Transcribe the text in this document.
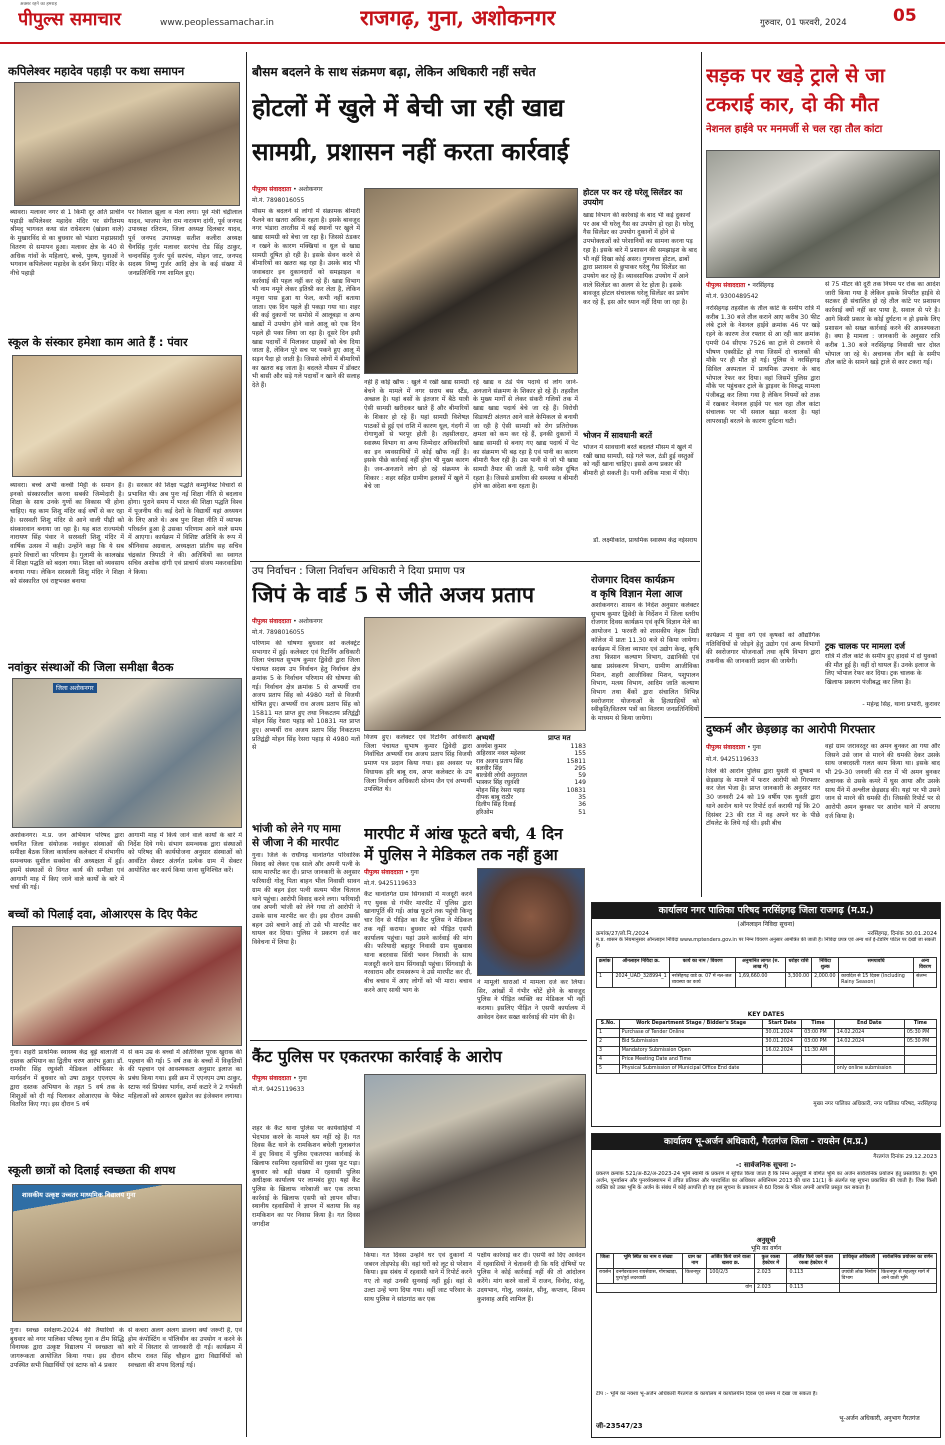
पीपुल्स समाचार
अक्सर रहने का हमराह
www.peoplessamachar.in	राजगढ़, गुना, अशोकनगर	गुरुवार, 01 फरवरी, 2024	05
कपिलेश्वर महादेव पहाड़ी पर कथा समापन
ब्यावरा। मलावर नगर से 1 किमी दूर अति प्राचीन पहाड़ी कपिलेश्वर महादेव मंदिर पर संगीतमय श्रीमद् भागवत कथा संत राधेशरण (खंडवा वाले) के मुखारविंद से का बुधवार को भंडारा महाप्रसादी वितरण से समापन हुआ। मलावर क्षेत्र के 40 से अधिक गांवों के महिलाएं, बच्चे, पुरुष, युवाओं ने भगवान कपिलेश्वर महादेव के दर्शन किए। मंदिर के नीचे पहाड़ी
पर विशाल झूला व मेला लगा। पूर्व मंत्री चंद्रीलाल यादव, भाजपा नेता राम नारायण दांगी, पूर्व जनपद उपाध्यक्ष रतिराम, जिला अध्यक्ष दिलबार यादव, पूर्व जनपद उपाध्यक्ष सतीश कलीरा अध्यक्ष चैनसिंह गुर्जर मलावर सरपंच रोड सिंह ठाकुर, चन्दनसिंह गुर्जर पूर्व सरपंच, मोहन जाट, जनपद सदस्य विष्णु गुर्जर आदि क्षेत्र के कई संख्या में जनप्रतिनिधि गण शामिल हुए।
स्कूल के संस्कार हमेशा काम आते हैं : पंवार
ब्यावरा। बच्चे अभी कच्ची मिट्टी के समान हैं। इनको संस्कारशील करना सबकी जिम्मेदारी है। शिक्षा के साथ उनके गुणों का विकास भी होना चाहिए। यह काम शिशु मंदिर कई वर्षों से कर रहा है। सरस्वती शिशु मंदिर से आने वाली पीढ़ी को संस्कारवान बनाया जा रहा है। यह बात राज्यमंत्री नारायण सिंह पंवार ने सरस्वती शिशु मंदिर में वार्षिक उत्सव में कही। उन्होंने कहा कि ये सब हमारे विचारों का परिणाम है। गुलामी के कालखंड में शिक्षा पद्धति को बदला गया। शिक्षा को व्यवसाय बनाया गया। लेकिन सरस्वती शिशु मंदिर ने शिक्षा को संस्कारित एवं राष्ट्रभक्त बनाया
है। सरकार की शिक्षा पद्धति कम्युनिस्ट विचारों से प्रभावित थी। अब पुनः नई शिक्षा नीति से बदलाव होगा। पुराने समय में भारत की शिक्षा पद्धति विश्व में पूजनीय थी। कई देशों के विद्यार्थी यहां अध्ययन के लिए आते थे। अब पुनः शिक्षा नीति में व्यापक परिवर्तन हुआ है उसका परिणाम आने वाले समय में आएगा। कार्यक्रम में विशिष्ट अतिथि के रूप में श्रीनिवास अग्रवाल, अध्यक्षता प्रांतीय सह सचिव चंद्रकांत त्रिपाठी ने की। अतिथियों का स्वागत सचिव अशोक दांगी एवं प्राचार्य संजय मकरवाडिया ने किया।
नवांकुर संस्थाओं की जिला समीक्षा बैठक
जिला अशोकनगर
अशोकनगर। म.प्र. जन अभियान परिषद द्वारा चयनित जिला संयोजक नवांकुर संस्थाओं की समीक्षा बैठक जिला कार्यालय कलेक्टर में संभागीय समन्वयक सुशील सक्सेना की अध्यक्षता में हुई। इसमें संस्थाओं से विगत कार्य की समीक्षा एवं आगामी माह में किए जाने वाले कार्यों के बारे में चर्चा की गई।
आगामी माह में किये जाने वाले कार्यों के बारे में निर्देश दिये गये। संभाग समन्वयक द्वारा संस्थाओं को परिषद की कार्ययोजना अनुसार संस्थाओं को आवंटित सेक्टर अंतर्गत प्रत्येक ग्राम में सेक्टर आयोजित कर कार्य किया जाना सुनिश्चित करें।
बच्चों को पिलाई दवा, ओआरएस के दिए पैकेट
गुना। शहरी प्राथमिक स्वास्थ्य केंद्र बूढ़े बालाजी में दस्तक अभियान का द्वितीय चरण आरंभ हुआ। डॉ. रामवीर सिंह रघुवंशी मेडिकल ऑफिसर के मार्गदर्शन में बुधवार को उषा ठाकुर एएनएम के द्वारा दस्तक अभियान के तहत 5 वर्ष तक के शिशुओं को दी गई पिलाकर ओआरएस के पैकेट वितरित किए गए। इस दौरान 5 वर्ष
से कम उम्र के बच्चों में अतिरिक्त पूरक खुराक की पहचान की गई। 5 वर्ष तक के बच्चों में विकृतियों की पहचान एवं आवश्यकता अनुसार इलाज का प्रबंध किया गया। इसी क्रम में एएनएम उषा ठाकुर, स्टाफ नर्स प्रियंका भार्गव, शर्मा कटारे ने 2 गर्भवती महिलाओं को आयरन सुक्रोज का इंजेक्शन लगाया।
स्कूली छात्रों को दिलाई स्वच्छता की शपथ
शासकीय उत्कृष्ट उच्चतर माध्यमिक विद्यालय गुना
गुना। स्वच्छ सर्वेक्षण-2024 की तैयारियों के बुधवार को नगर पालिका परिषद गुना व टीम सिद्धि विनायक द्वारा उत्कृष्ट विद्यालय में स्वच्छता को जागरूकता आयोजित किया गया। इस दौरान उपस्थित सभी विद्यार्थियों एवं स्टाफ को 4 प्रकार
से कचरा अलग अलग डालना क्यों जरूरी है, एवं होम कंपोस्टिंग व पॉलिथीन का उपयोग न करने के बारे में विस्तार से जानकारी दी गई। कार्यक्रम में सौरभ रावत सिंह चौहान द्वारा विद्यार्थियों को स्वच्छता की शपथ दिलाई गई।
बौसम बदलने के साथ संक्रमण बढ़ा, लेकिन अधिकारी नहीं सचेत
होटलों में खुले में बेची जा रही खाद्य
सामग्री, प्रशासन नहीं करता कार्रवाई
पीपुल्स संवाददाता • अशोकनगर
मो.नं. 7898016055
मौसम के बदलने से लोगों में संक्रामक बीमारी फैलने का खतरा अधिक रहता है। इसके बावजूद नगर भंडारा तारतीस में कई स्थानों पर खुले में खाद्य सामग्री को बेचा जा रहा है। जिससे ठंडकर न रखने के कारण मक्खियां व धूल से खाद्य सामग्री दूषित हो रही है। इसके सेवन करने से बीमारियों का खतरा बढ़ रहा है। उसके बाद भी जवाबदार इन दुकानदारों को समझाइश व कार्रवाई की पहल नहीं कर रहे हैं। खाद्य विभाग भी नाम नमूने लेकर इतिश्री कर लेता है, लेकिन नमूना पास हुआ या फेल, कभी नहीं बताया जाता। एक दिन पहले ही पकड़ा गया था। शहर की कई दुकानों पर समोसे में आलूबड़ा व अन्य खाद्यों में उपयोग होने वाले आलू को एक दिन पहले ही पका लिया जा रहा है। दूसरे दिन इसी खाद्य पदार्थों में मिलाकर ग्राहकों को बेच दिया जाता है, लेकिन पूरे सच पर पकने हुए आलू में सड़न पैदा हो जाती है। जिससे लोगों में बीमारियों का खतरा बढ़ जाता है। बदलते मौसम में डॉक्टर भी बासी और सड़े गले पदार्थों न खाने की सलाह देते हैं।	नहीं है कोई खौफ : खुले में रखी खाद्य सामग्री बेचने के मामले में नगर सराय बस स्टैंड, अच्छल है। यहां बसों के इंतजार में बैठे यात्री ऐसी सामग्री खरीदकर खाते हैं और बीमारियों के शिकार हो रहे हैं। यहां सामग्री विशेषज्ञ पाठकों से हुई एवं राशि में कारण धूल, गंदगी में रोगाणुओं से भरपूर होती है। तहसीलदार, स्वास्थ्य विभाग या अन्य जिम्मेदार अधिकारियों का इन व्यवसायियों में कोई खौफ नहीं है। इसके पीछे कार्रवाई नहीं होना भी मुख्य कारण है। जन-अनजाने लोग हो रहे संक्रमण के शिकार : शहर सहित ग्रामीण इलाकों में खुले में बेचे जा
रहे खाद्य व ठंडे पेय पदार्थ से लोग जाने-अनजाने संक्रमण के शिकार हो रहे हैं। तहसील के मुख्य मार्गों से लेकर संकरी गलियों तक में खाद्य खाद्य पदार्थ बेचे जा रहे हैं। विरोधी सिडायटी अंतगत आने वाले केमिकल से बनायी जा रही है ऐसी सामग्री को रोग प्रतिरोधक क्षमता को कम कर रहे हैं, इनकी दुकानों में खाद्य सामग्री से बनाए गए खाद्य पदार्थ में पेट का संक्रमण भी बढ़ रहा है एवं पानी का कारण बीमारी फैल रही है। उस पानी से जो भी खाद्य सामग्री तैयार की जाती है, पानी सदैव दूषित रहता है। जिससे डायरिया की समस्या व बीमारी होने का अंदेशा बना रहता है।
होटल पर कर रहे घरेलू सिलेंडर का उपयोग
खाद्य विभाग की कार्रवाई के बाद भी कई दुकानों पर अब भी घरेलू गैस का उपयोग हो रहा है। घरेलू गैस सिलेंडर का उपयोग दुकानों में होने से उपभोक्ताओं को परेशानियों का सामना करना पड़ रहा है। इसके बारे में प्रशासन की समझाइश के बाद भी नहीं दिखा कोई असर। गुणवत्ता होटल, ढाबों द्वारा प्रशासन से छुपाकर घरेलू गैस सिलेंडर का उपयोग कर रहे हैं। व्यावसायिक उपयोग में आने वाले सिलेंडर का अलग से रेट होता है। इसके बावजूद होटल संचालक घरेलू सिलेंडर का प्रयोग कर रहे हैं, इस ओर ध्यान नहीं दिया जा रहा है।
भोजन में सावधानी बरतें
भोजन में सावधानी बरतें बदलते मौसम में खुले में रखी खाद्य सामग्री, सड़े गले फल, ठंडी हुई वस्तुओं को नहीं खाना चाहिए। इससे अन्य प्रकार की बीमारी हो सकती है। पानी अधिक मात्रा में पीएं।
डॉ. लक्ष्मीकांत, प्राथमिक स्वास्थ्य केंद्र नईसराय
उप निर्वाचन : जिला निर्वाचन अधिकारी ने दिया प्रमाण पत्र
जिपं के वार्ड 5 से जीते अजय प्रताप
पीपुल्स संवाददाता • अशोकनगर
मो.नं. 7898016055
परिणाम की घोषणा बुधवार को कलेक्ट्रेट सभागार में हुई। कलेक्टर एवं रिटर्निंग अधिकारी जिला पंचायत सुभाष कुमार द्विवेदी द्वारा जिला पंचायत सदस्य उप निर्वाचन हेतु निर्वाचन क्षेत्र क्रमांक 5 के निर्वाचन परिणाम की घोषणा की गई। निर्वाचन क्षेत्र क्रमांक 5 से अभ्यर्थी राव अजय प्रताप सिंह को 4980 मतों से विजयी घोषित हुए। अभ्यर्थी राव अजय प्रताप सिंह को 15811 मत प्राप्त हुए तथा निकटतम प्रतिद्वंद्वी मोहन सिंह रेसरा पहाड़ को 10831 मत प्राप्त हुए। अभ्यर्थी राव अजय प्रताप सिंह निकटतम प्रतिद्वंद्वी मोहन सिंह रेसरा पहाड़ से 4980 मतों से
विजय हुए। कलेक्टर एवं रिटर्निंग अधिकारी जिला पंचायत सुभाष कुमार द्विवेदी द्वारा निर्वाचित अभ्यर्थी राव अजय प्रताप सिंह विजयी प्रमाण पत्र प्रदान किया गया। इस अवसर पर विधायक हरि बाबू राय, अपर कलेक्टर के उप जिला निर्वाचन अधिकारी सोनम जैन एवं अभ्यर्थी उपस्थित थे।
अभ्यर्थी	प्राप्त मत
अवधेश कुमार	1183
अहिरवार नवल महेश्वर	155
राव अजय प्रताप सिंह	15811
बलवीर सिंह	295
बाल्डेवी लोधी अनुरातल	59
भास्कर सिंह रघुवंशी	149
मोहन सिंह रेसरा पहाड़	10831
दीपक बाबू राठौर	35
दिलीप सिंह दिवाई	36
हरिओम	51
भांजी को लेने गए मामा
से जीजा ने की मारपीट
गुना। जिले के राघौगढ़ थानांतर्गत परिवारिक विवाद को लेकर एक साले और अपनी पत्नी के साथ मारपीट कर दी। प्राप्त जानकारी के अनुसार फरियादी गोलू पिता बाहन भील निवासी सावन ग्राम की बहन इंदर पत्नी सत्यम भील चितरल थाने पहुंचा। आरोपी विवाद करने लगा। फरियादी जब अपनी भांजी को लेने गया तो आरोपी ने उसके साथ मारपीट कर दी। इस दौरान उसकी बहन उसे बचाने आई तो उसे भी मारपीट कर घायल कर दिया। पुलिस ने प्रकरण दर्ज कर विवेचना में लिया है।
मारपीट में आंख फूटते बची, 4 दिन
में पुलिस ने मेडिकल तक नहीं हुआ
पीपुल्स संवाददाता • गुना
मो.नं. 9425119633
कैंट थानांतर्गत ग्राम सिंगवासी में मजदूरी करने गए युवक से गंभीर मारपीट में पुलिस द्वारा खानापूर्ति की गई। आंख फूटने तक पहुंची किन्तु चार दिन से पीड़ित का कैंट पुलिस ने मेडिकल तक नहीं कराया। बुधवार को पीड़ित एसपी कार्यालय पहुंचा। यहां उसने कार्रवाई की मांग की। फरियादी बहादुर निवासी ग्राम सुखवास थाना बदरवास सिंधी भवन निवासी के साथ मजदूरी करने ग्राम सिंगवाड़ी पहुंचा। सिंगवाड़ी के नरवाराम और रामस्वरूप ने उसे मारपीट कर दी, बीच बचाव में आए लोगों को भी मारा। बचाव करने आए साथी भाग के
ने मामूली धाराओं में मामला दर्ज कर लिया। सिर, आंखों में गंभीर चोटें होने के बावजूद पुलिस ने पीड़ित व्यक्ति का मेडिकल भी नहीं कराया। इसलिए पीड़ित ने एसपी कार्यालय में आवेदन देकर सख्त कार्रवाई की मांग की है।
कैंट पुलिस पर एकतरफा कार्रवाई के आरोप
पीपुल्स संवाददाता • गुना
मो.नं. 9425119633
शहर के कैंट थाना पुलिस पर कार्यवाहियों में भेदभाव करने के मामले थम नहीं रहे हैं। गत दिवस कैंट थाने के रामकिशन बघेली गुलाबगंज में हुए विवाद में पुलिस एकतरफा कार्रवाई के खिलाफ रसमिया रहवासियों का गुस्सा फूट पड़ा। बुधवार को बड़ी संख्या में रहवासी पुलिस अधीक्षक कार्यालय पर लामबंद हुए। यहां कैंट पुलिस के खिलाफ नारेबाजी कर एक तरफा कार्रवाई के खिलाफ एसपी को ज्ञापन सौंपा। स्थानीय रहवासियों ने ज्ञापन में बताया कि वह रामकिशन का पर निवास किया है। गत दिवस जगदीश
किया। गत दिवस उन्होंने घर एवं दुकानों में जबरन तोड़फोड़ की। वहां घरों को लूट से परेशान किया। इस संबंध में रहवासी थाने में रिपोर्ट करने गए तो वहां उनकी सुनवाई नहीं हुई। वहां से उल्टा उन्हें भगा दिया गया। वहीं जाट परिवार के साथ पुलिस ने सांठगांठ कर एक
पक्षीय कार्रवाई कर दी। एसपी को दिए आवेदन में रहवासियों ने चेतावनी दी कि यदि दोषियों पर पुलिस ने कोई कार्रवाई नहीं की तो आंदोलन करेंगे। मांग करने वालों में राजन, विनोद, संजू, उदयभान, गोलू, जसवंत, सीनू, कप्तान, शिवम कुशवाह आदि शामिल हैं।
सड़क पर खड़े ट्राले से जा
टकराई कार, दो की मौत
नेशनल हाईवे पर मनमर्जी से चल रहा तौल कांटा
पीपुल्स संवाददाता • नरसिंहगढ़
मो.नं. 9300489542
नरसिंहगढ़ तहसील के तौल कांटे के समीप रात्रि में करीब 1.30 बजे तौल कराने आए करीब 30 फीट लंबे ट्राले के नेशनल हाईवे क्रमांक 46 पर खड़े रहने के कारण तेज रफ्तार से आ रही कार क्रमांक एमपी 04 सीएफ 7526 का ट्राले से टकराने से भीषण एक्सीडेंट हो गया जिसमें दो चालकों की मौके पर ही मौत हो गई। पुलिस ने नरसिंहगढ़ सिविल अस्पताल में प्राथमिक उपचार के बाद भोपाल रेफर कर दिया। वहां जिसमें पुलिस द्वारा मौके पर पहुंचकर ट्राले के ड्राइवर के विरुद्ध मामला पंजीबद्ध कर लिया गया है लेकिन नियमों को ताक में रखकर नेशनल हाईवे पर चल रहा तौल कांटा संचालक पर भी सवाल खड़ा करता है। यहां लापरवाही बरतने के कारण दुर्घटना घटी।
से 75 मीटर की दूरी तक नियम पर रोक का आदेश जारी किया गया है लेकिन इसके विपरीत हाईवे से सटकर ही संचालित हो रहे तौल कांटे पर प्रशासन कार्रवाई क्यों नहीं कर पाया है, सवाल से परे है। आगे किसी प्रकार के कोई दुर्घटना न हो इसके लिए प्रशासन को सख्त कार्रवाई करने की आवश्यकता है। क्या है मामला : जानकारी के अनुसार रात्रि करीब 1.30 बजे नरसिंहगढ़ निवासी चार दोस्त भोपाल जा रहे थे। अचानक तीन बड़ी के समीप तौल कांटे के सामने खड़े ट्राले से कार टकरा गई।
ट्रक चालक पर मामला दर्ज
रात्रि में तौल कांटे के समीप हुए हादसे में दो युवकों की मौत हुई है। वहीं दो घायल हैं। उनके इलाज के लिए भोपाल रेफर कर दिया। ट्रक चालक के खिलाफ प्रकरण पंजीबद्ध कर लिया है।
- महेन्द्र सिंह, थाना प्रभारी, कुरावर
रोजगार दिवस कार्यक्रम
व कृषि विज्ञान मेला आज
अशोकनगर। शासन के निर्देश अनुसार कलेक्टर सुभाष कुमार द्विवेदी के निर्देशन में जिला स्तरीय रोजगार दिवस कार्यक्रम एवं कृषि विज्ञान मेले का आयोजन 1 फरवरी को शासकीय नेहरू डिग्री कॉलेज में प्रातः 11.30 बजे से किया जायेगा। कार्यक्रम में जिला व्यापार एवं उद्योग केन्द्र, कृषि तथा किसान कल्याण विभाग, उद्यानिकी एवं खाद्य प्रसंस्करण विभाग, ग्रामीण आजीविका मिशन, शहरी आजीविका मिशन, पशुपालन विभाग, मत्स्य विभाग, आदिम जाति कल्याण विभाग तथा बैंकों द्वारा संचालित विभिन्न स्वरोजगार योजनाओं के हितग्राहियों को स्वीकृति/वितरण पत्रों का वितरण जनप्रतिनिधियों के माध्यम से किया जायेगा।
कार्यक्रम में युवा वर्ग एवं कृषकों को औद्योगिक गतिविधियों से जोड़ने हेतु उद्योग एवं अन्य विभागों की स्वरोजगार योजनाओं तथा कृषि विभाग द्वारा तकनीक की जानकारी प्रदान की जायेगी।
दुष्कर्म और छेड़छाड़ का आरोपी गिरफ्तार
पीपुल्स संवाददाता • गुना
मो.नं. 9425119633
जिले की आरोन पुलिस द्वारा युवती से दुष्कर्म व छेड़छाड़ के मामले में फरार आरोपी को गिरफ्तार कर जेल भेजा है। प्राप्त जानकारी के अनुसार गत 30 जनवरी 24 को 19 वर्षीय एक युवती द्वारा थाने आरोन थाने पर रिपोर्ट दर्ज करायी गई कि 20 दिसंबर 23 की रात में वह अपने घर के पीछे टॉयलेट के लिये गई थी। इसी बीच
वहां ग्राम जरावरतूर का अमन बुनकर आ गया और जिसने उसे जान से मारने की धमकी देकर उसके साथ जबरदस्ती गलत काम किया था। इसके बाद भी 29-30 जनवरी की रात में भी अमन बुनकर अचानक से उसके कमरे में घुस आया और उसके साथ मैंने में अश्लील छेड़छाड़ की। यहां पर भी उसने जान से मारने की धमकी दी। जिसकी रिपोर्ट पर से आरोपी अमन बुनकर पर आरोन थाने में अपराध दर्ज किया है।
कार्यालय नगर पालिका परिषद नरसिंहगढ़ जिला राजगढ़ (म.प्र.)
(ऑनलाइन निविदा सूचना)
क्रमांक/27/लो.नि./2024	नरसिंहगढ़, दिनांक 30.01.2024
म.प्र. शासन के नियमानुसार ऑनलाइन निविदा www.mptenders.gov.in पर निम्न विवरण अनुसार आमंत्रित की जाती है। निविदा प्रपत्र एवं अन्य शर्तें ई-टेंडरिंग पोर्टल पर देखी जा सकती हैं।
क्रमांक	ऑनलाइन निविदा क्र.	कार्य का नाम / विवरण	अनुमानित लागत (रु. लाख में)	धरोहर राशि	निविदा शुल्क	समयावधि	अन्य विवरण
1	2024_UAD_328994_1	नरसिंहगढ़ वार्ड क्र. 07 में नल-जल व्यवस्था का कार्य	1,69,660.00	3,300.00	2,000.00	कार्यादेश से 15 दिवस (Including Rainy Season)	संलग्न
KEY DATES
S.No.	Work Department Stage / Bidder's Stage	Start Date	Time	End Date	Time
1	Purchase of Tender Online	30.01.2024	03:00 PM	14.02.2024	05:30 PM
2	Bid Submission	30.01.2024	03:00 PM	14.02.2024	05:30 PM
3	Mandatory Submission Open	16.02.2024	11:30 AM		
4	Price Meeting Date and Time				
5	Physical Submission of Municipal Office End date			only online submission	
मुख्य नगर पालिका अधिकारी, नगर पालिका परिषद, नरसिंहगढ़
कार्यालय भू-अर्जन अधिकारी, गैरतगंज जिला - रायसेन (म.प्र.)
गैरतगंज दिनांक 29.12.2023
-: सार्वजनिक सूचना :-
प्रकरण क्रमांक 521/अ-82/अ-2023-24 भूमि स्वामी के प्रकरण में सूचित किया जाता है कि निम्न अनुसूची में वर्णित भूमि का अर्जन सार्वजनिक प्रयोजन हेतु प्रस्तावित है। भूमि अर्जन, पुनर्वासन और पुनर्व्यवस्थापन में उचित प्रतिकर और पारदर्शिता का अधिकार अधिनियम 2013 की धारा 11(1) के अंतर्गत यह सूचना प्रकाशित की जाती है। जिस किसी व्यक्ति को उक्त भूमि के अर्जन के संबंध में कोई आपत्ति हो वह इस सूचना के प्रकाशन से 60 दिवस के भीतर अपनी आपत्ति प्रस्तुत कर सकता है।
अनुसूची
भूमि का वर्णन
जिला	भूमि स्थित का नाम व संख्या	ग्राम का नाम	अर्जित किये जाने वाला खसरा क्र.	कुल रकबा हेक्टेयर में	अर्जित किये जाने वाला रकबा हेक्टेयर में	प्राधिकृत अधिकारी	सार्वजनिक प्रयोजन का वर्णन
रायसेन	वनगेवरवतना रायसेवास, गोगाखाड़ा, पुरा/पूर्व लदरवाडी	किशनपुर	100/2/3	2.023	0.113	उपयंत्री लोक निर्माण विभाग	किशनपुर से महलपुर मार्ग में आने वाली भूमि
योग				2.023	0.113		
टीप :- भूमि का नक्शा भू-अर्जन अधिकारी गैरतगंज के कार्यालय में कार्यालयीन दिवस एवं समय में देखा जा सकता है।
जी-23547/23
भू-अर्जन अधिकारी, अनुभाग गैरतगंज
